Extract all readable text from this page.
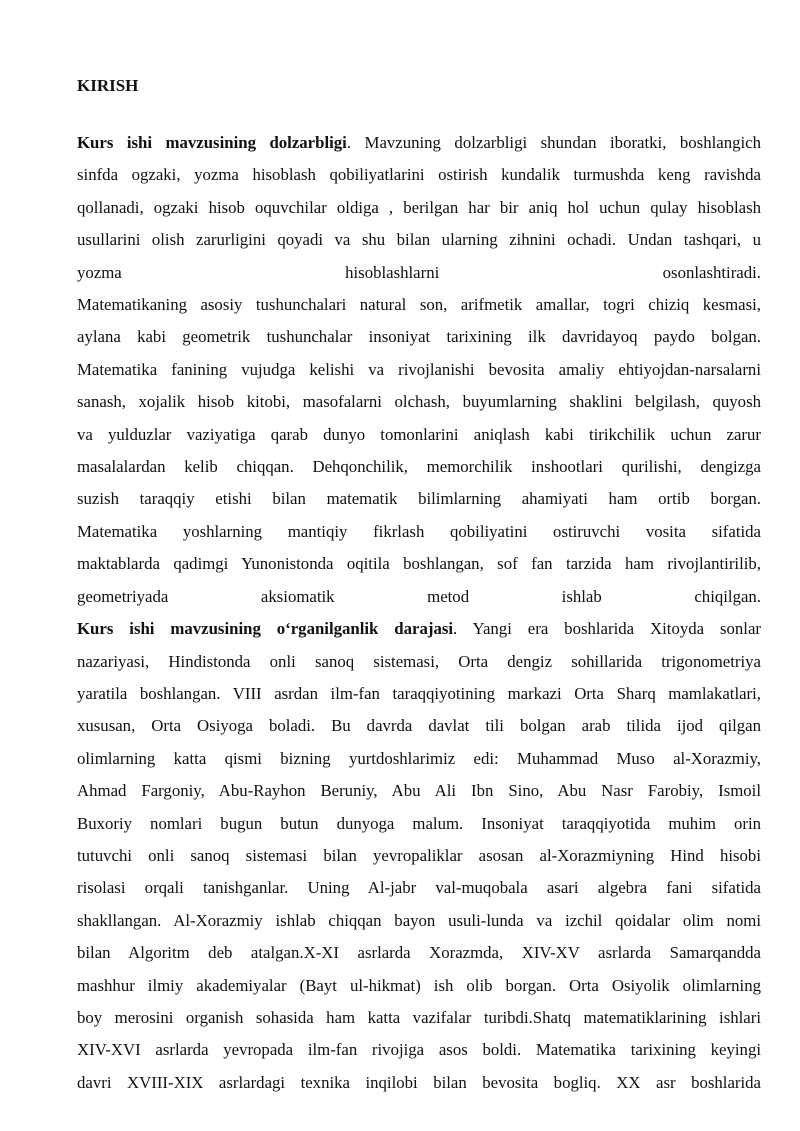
KIRISH
Kurs ishi mavzusining dolzarbligi. Mavzuning dolzarbligi shundan iboratki, boshlangich
sinfda ogzaki, yozma hisoblash qobiliyatlarini ostirish kundalik turmushda keng ravishda
qollanadi, ogzaki hisob oquvchilar oldiga , berilgan har bir aniq hol uchun qulay hisoblash
usullarini olish zarurligini qoyadi va shu bilan ularning zihnini ochadi. Undan tashqari, u
yozma hisoblashlarni osonlashtiradi.
Matematikaning asosiy tushunchalari natural son, arifmetik amallar, togri chiziq kesmasi,
aylana kabi geometrik tushunchalar insoniyat tarixining ilk davridayoq paydo bolgan.
Matematika fanining vujudga kelishi va rivojlanishi bevosita amaliy ehtiyojdan-narsalarni
sanash, xojalik hisob kitobi, masofalarni olchash, buyumlarning shaklini belgilash, quyosh
va yulduzlar vaziyatiga qarab dunyo tomonlarini aniqlash kabi tirikchilik uchun zarur
masalalardan kelib chiqqan. Dehqonchilik, memorchilik inshootlari qurilishi, dengizga
suzish taraqqiy etishi bilan matematik bilimlarning ahamiyati ham ortib borgan.
Matematika yoshlarning mantiqiy fikrlash qobiliyatini ostiruvchi vosita sifatida
maktablarda qadimgi Yunonistonda oqitila boshlangan, sof fan tarzida ham rivojlantirilib,
geometriyada aksiomatik metod ishlab chiqilgan.
Kurs ishi mavzusining o‘rganilganlik darajasi. Yangi era boshlarida Xitoyda sonlar
nazariyasi, Hindistonda onli sanoq sistemasi, Orta dengiz sohillarida trigonometriya
yaratila boshlangan. VIII asrdan ilm-fan taraqqiyotining markazi Orta Sharq mamlakatlari,
xususan, Orta Osiyoga boladi. Bu davrda davlat tili bolgan arab tilida ijod qilgan
olimlarning katta qismi bizning yurtdoshlarimiz edi: Muhammad Muso al-Xorazmiy,
Ahmad Fargoniy, Abu-Rayhon Beruniy, Abu Ali Ibn Sino, Abu Nasr Farobiy, Ismoil
Buxoriy nomlari bugun butun dunyoga malum. Insoniyat taraqqiyotida muhim orin
tutuvchi onli sanoq sistemasi bilan yevropaliklar asosan al-Xorazmiyning Hind hisobi
risolasi orqali tanishganlar. Uning Al-jabr val-muqobala asari algebra fani sifatida
shakllangan. Al-Xorazmiy ishlab chiqqan bayon usuli-lunda va izchil qoidalar olim nomi
bilan Algoritm deb atalgan.X-XI asrlarda Xorazmda, XIV-XV asrlarda Samarqandda
mashhur ilmiy akademiyalar (Bayt ul-hikmat) ish olib borgan. Orta Osiyolik olimlarning
boy merosini organish sohasida ham katta vazifalar turibdi.Shatq matematiklarining ishlari
XIV-XVI asrlarda yevropada ilm-fan rivojiga asos boldi. Matematika tarixining keyingi
davri XVIII-XIX asrlardagi texnika inqilobi bilan bevosita bogliq. XX asr boshlarida
